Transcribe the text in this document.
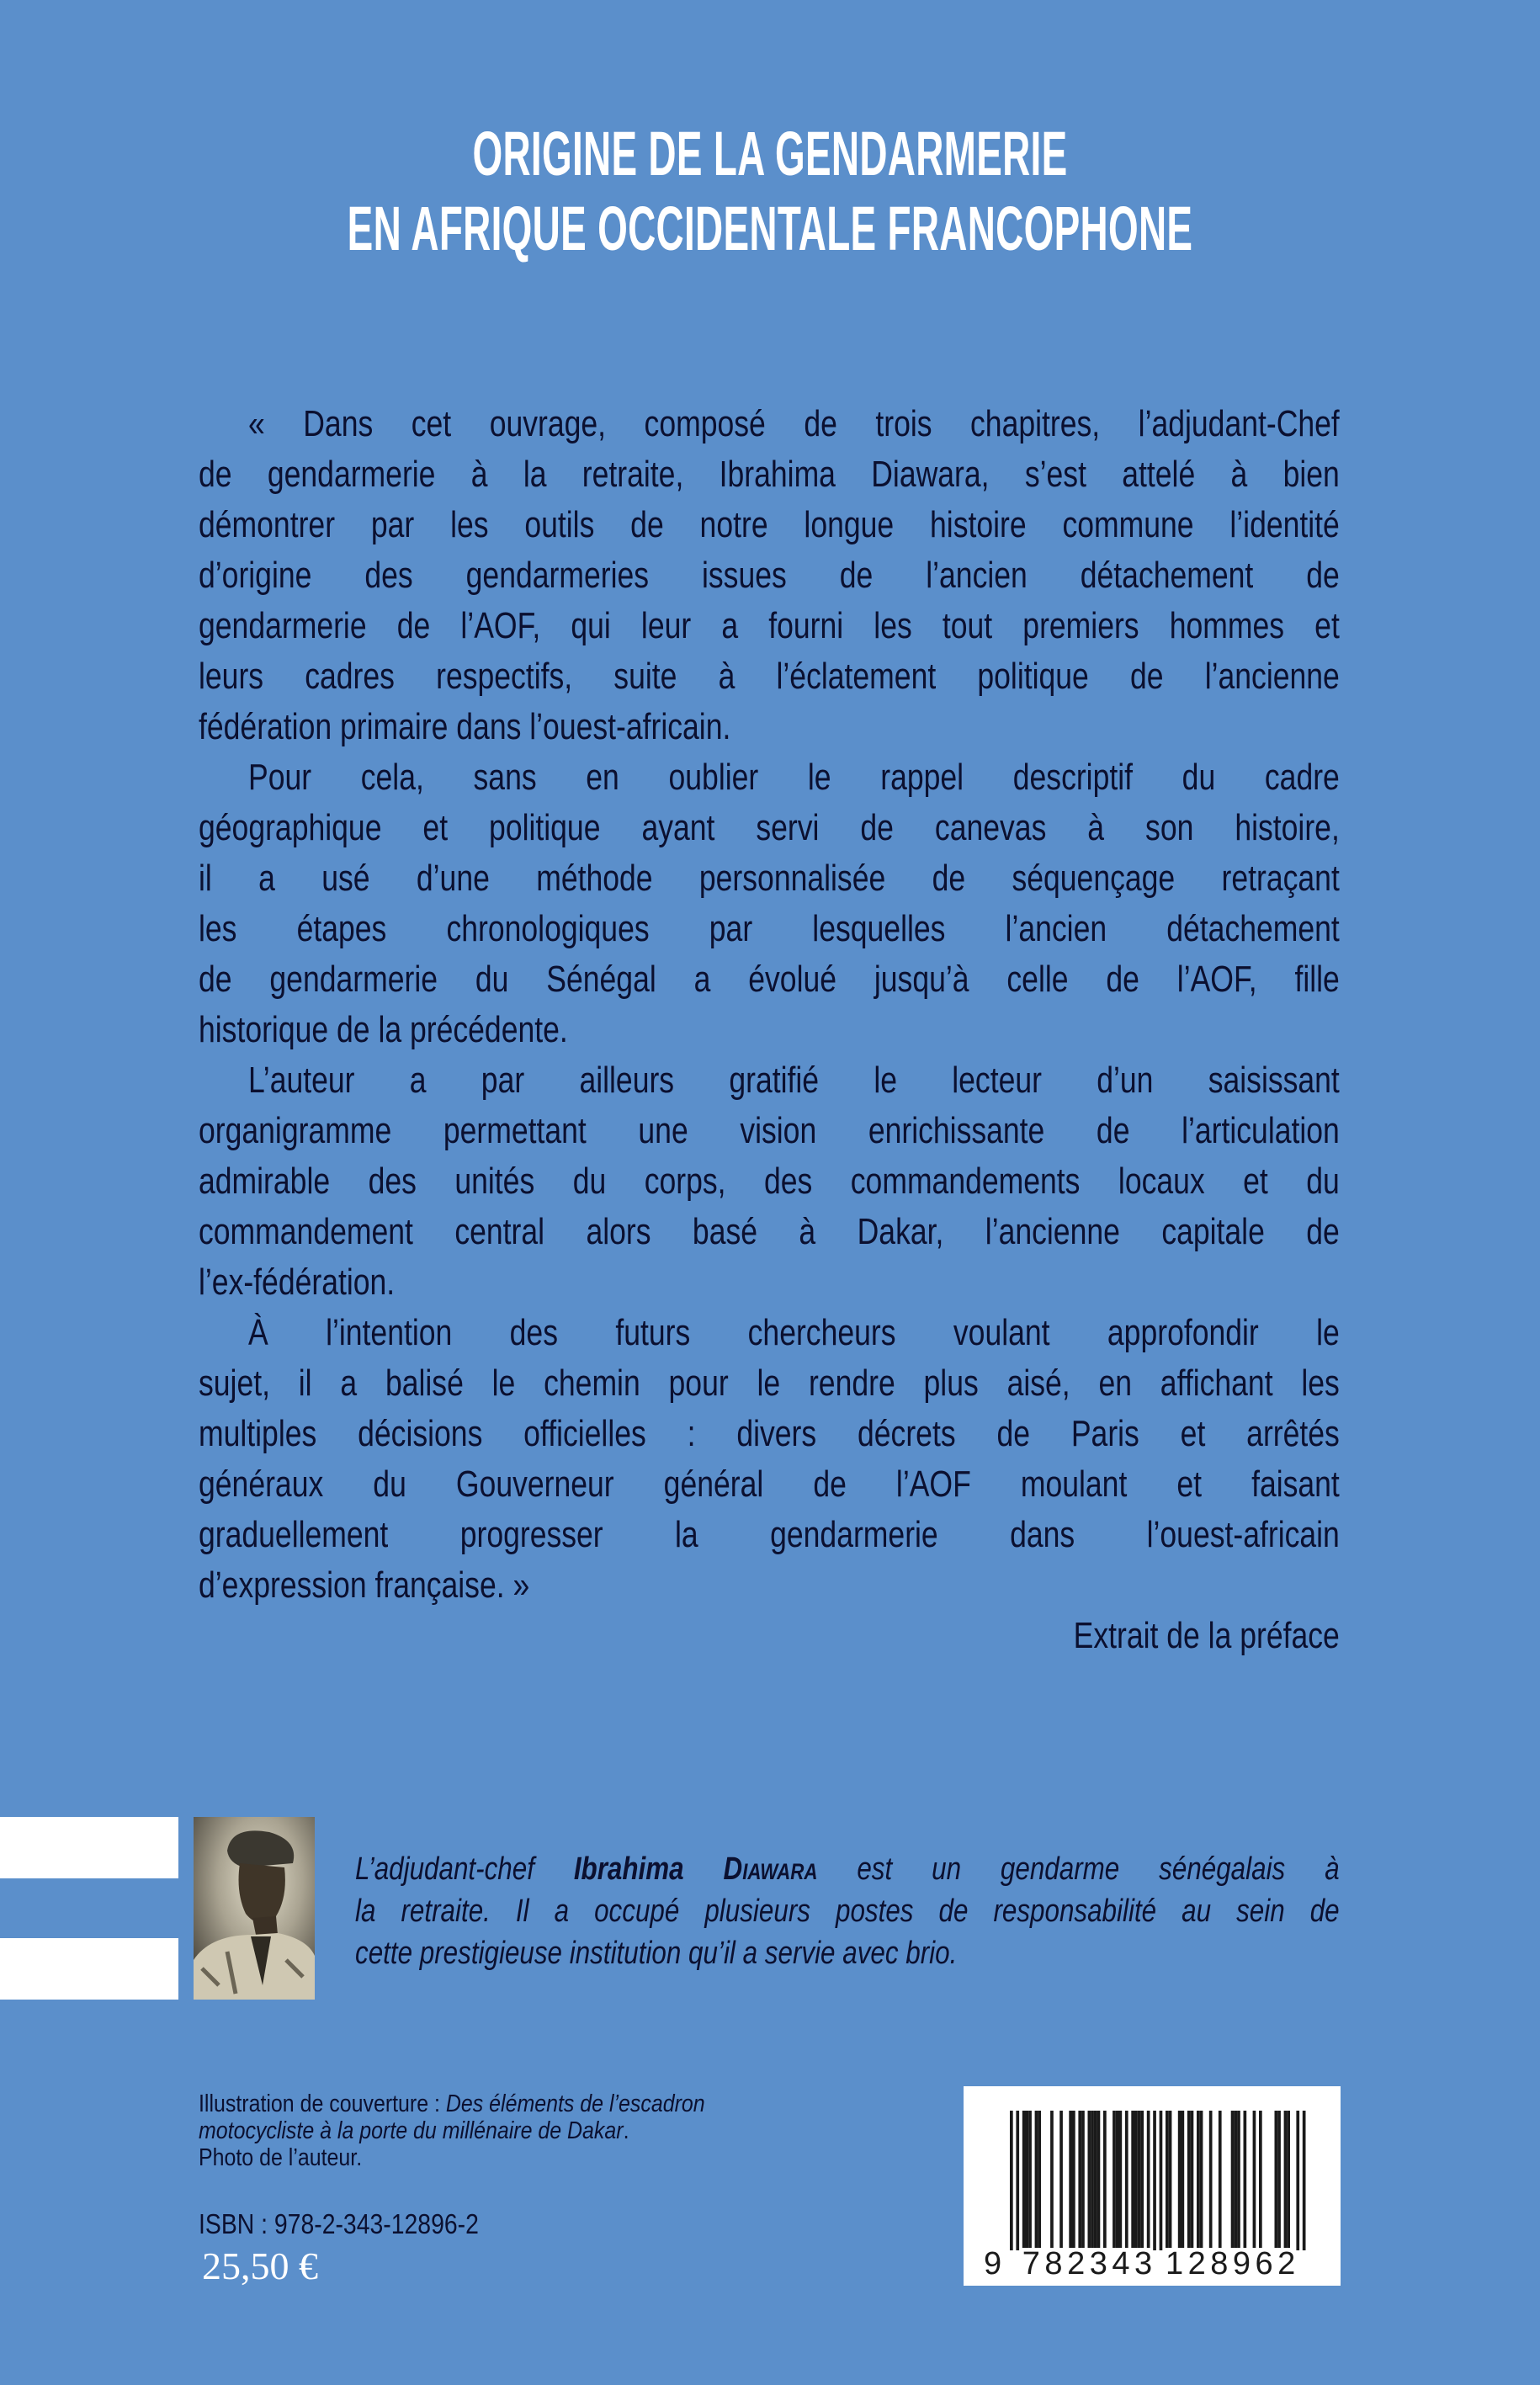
ORIGINE DE LA GENDARMERIE
EN AFRIQUE OCCIDENTALE FRANCOPHONE
« Dans cet ouvrage, composé de trois chapitres, l’adjudant-Chef
de gendarmerie à la retraite, Ibrahima Diawara, s’est attelé à bien
démontrer par les outils de notre longue histoire commune l’identité
d’origine des gendarmeries issues de l’ancien détachement de
gendarmerie de l’AOF, qui leur a fourni les tout premiers hommes et
leurs cadres respectifs, suite à l’éclatement politique de l’ancienne
fédération primaire dans l’ouest-africain.
Pour cela, sans en oublier le rappel descriptif du cadre
géographique et politique ayant servi de canevas à son histoire,
il a usé d’une méthode personnalisée de séquençage retraçant
les étapes chronologiques par lesquelles l’ancien détachement
de gendarmerie du Sénégal a évolué jusqu’à celle de l’AOF, fille
historique de la précédente.
L’auteur a par ailleurs gratifié le lecteur d’un saisissant
organigramme permettant une vision enrichissante de l’articulation
admirable des unités du corps, des commandements locaux et du
commandement central alors basé à Dakar, l’ancienne capitale de
l’ex-fédération.
À l’intention des futurs chercheurs voulant approfondir le
sujet, il a balisé le chemin pour le rendre plus aisé, en affichant les
multiples décisions officielles : divers décrets de Paris et arrêtés
généraux du Gouverneur général de l’AOF moulant et faisant
graduellement progresser la gendarmerie dans l’ouest-africain
d’expression française. »
Extrait de la préface
L’adjudant-chef Ibrahima Diawara est un gendarme sénégalais à
la retraite. Il a occupé plusieurs postes de responsabilité au sein de
cette prestigieuse institution qu’il a servie avec brio.
Illustration de couverture : Des éléments de l’escadron
motocycliste à la porte du millénaire de Dakar.
Photo de l’auteur.
ISBN : 978-2-343-12896-2
25,50 €	9 782343 128962
